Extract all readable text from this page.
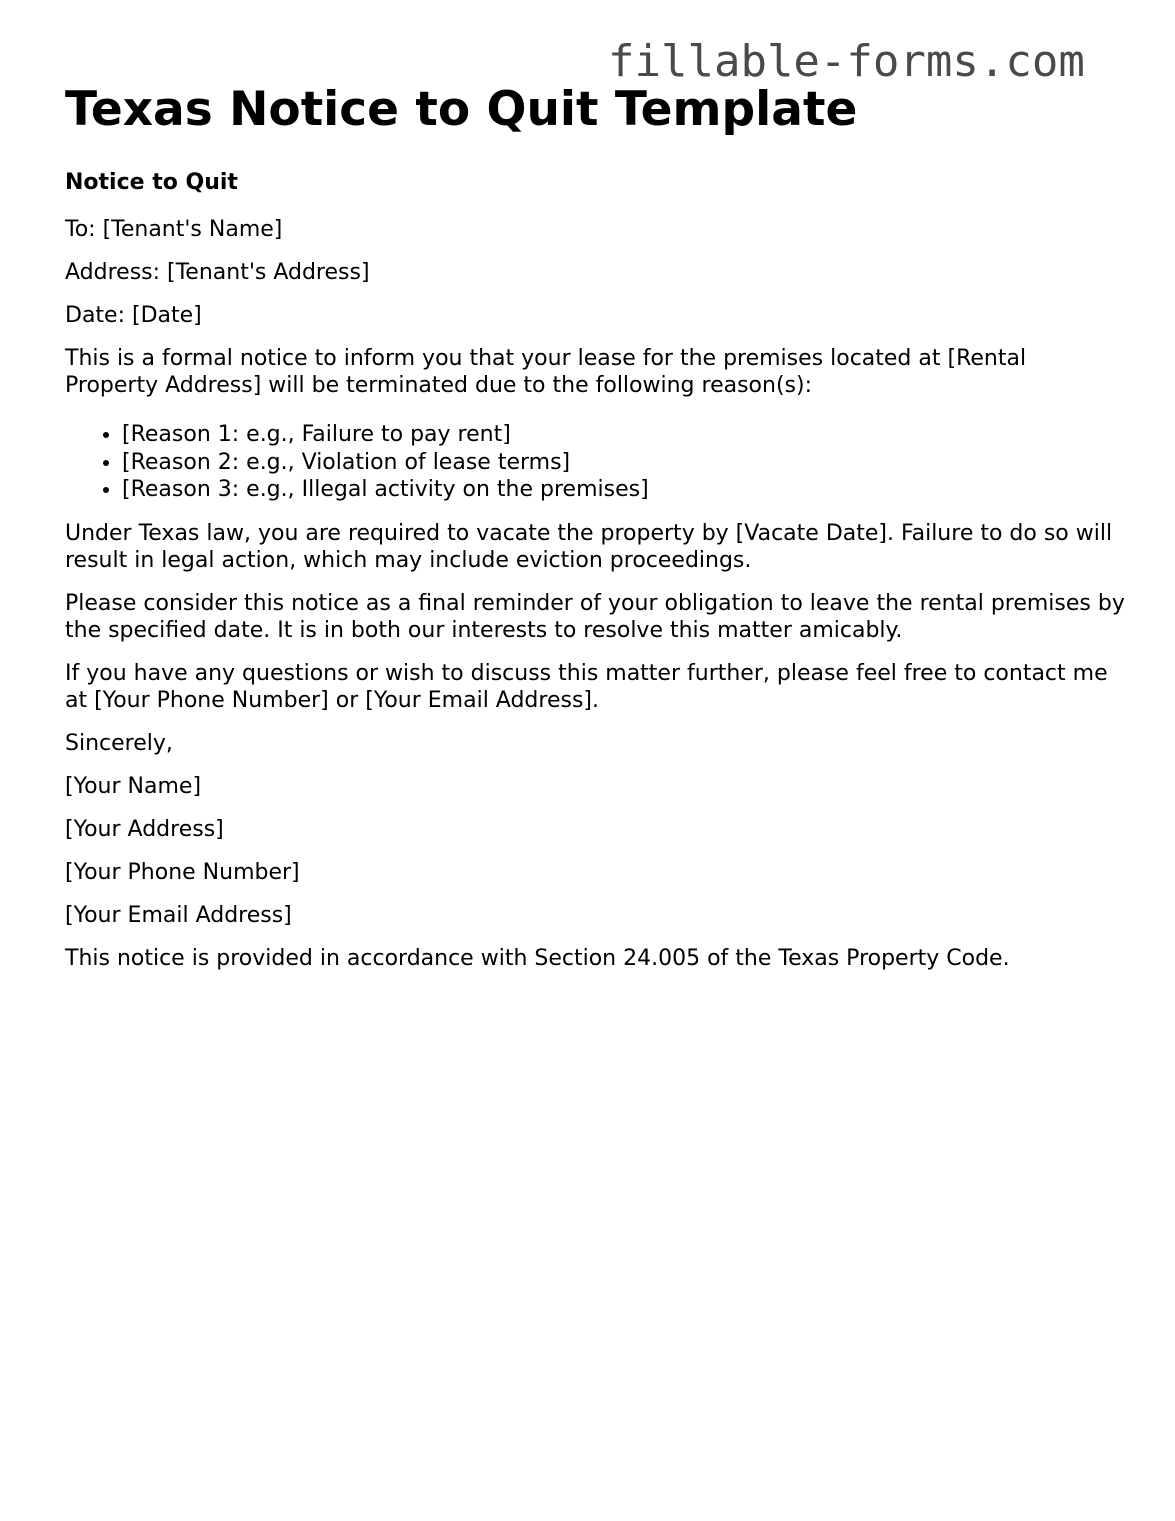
fillable-forms.com
Texas Notice to Quit Template
Notice to Quit

To: [Tenant's Name]

Address: [Tenant's Address]

Date: [Date]

This is a formal notice to inform you that your lease for the premises located at [Rental Property Address] will be terminated due to the following reason(s):

• [Reason 1: e.g., Failure to pay rent]
• [Reason 2: e.g., Violation of lease terms]
• [Reason 3: e.g., Illegal activity on the premises]

Under Texas law, you are required to vacate the property by [Vacate Date]. Failure to do so will result in legal action, which may include eviction proceedings.

Please consider this notice as a final reminder of your obligation to leave the rental premises by the specified date. It is in both our interests to resolve this matter amicably.

If you have any questions or wish to discuss this matter further, please feel free to contact me at [Your Phone Number] or [Your Email Address].

Sincerely,

[Your Name]

[Your Address]

[Your Phone Number]

[Your Email Address]

This notice is provided in accordance with Section 24.005 of the Texas Property Code.
